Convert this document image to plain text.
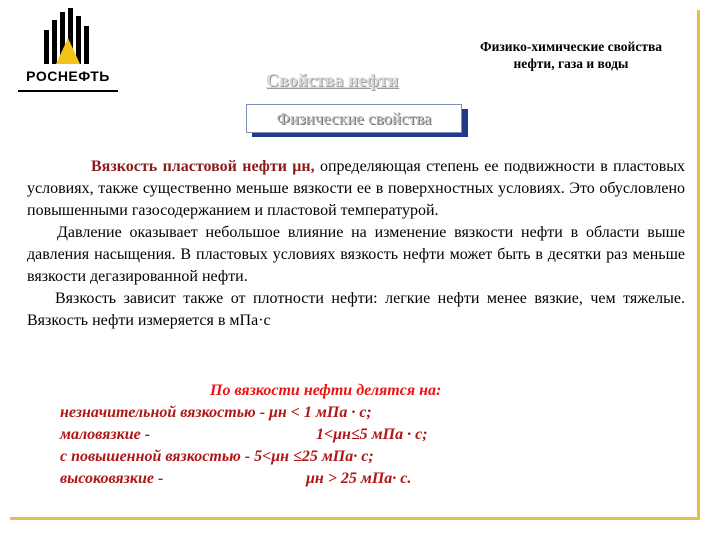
РОСНЕФТЬ	Свойства нефти
Физико-химические свойства
нефти, газа и воды
Физические свойства

Вязкость пластовой нефти μн, определяющая степень ее подвижности в пластовых условиях, также существенно меньше вязкости ее в поверхностных условиях. Это обусловлено повышенными газосодержанием и пластовой температурой.

Давление оказывает небольшое влияние на изменение вязкости нефти в области выше давления насыщения. В пластовых условиях вязкость нефти может быть в десятки раз меньше вязкости дегазированной нефти.

Вязкость зависит также от плотности нефти: легкие нефти менее вязкие, чем тяжелые. Вязкость нефти измеряется в мПа·с

По вязкости нефти делятся на:
незначительной вязкостью - μн < 1 мПа · с;
маловязкие -	1<μн≤5 мПа · с;
с повышенной вязкостью - 5<μн ≤25 мПа· с;
высоковязкие -	μн > 25 мПа· с.
